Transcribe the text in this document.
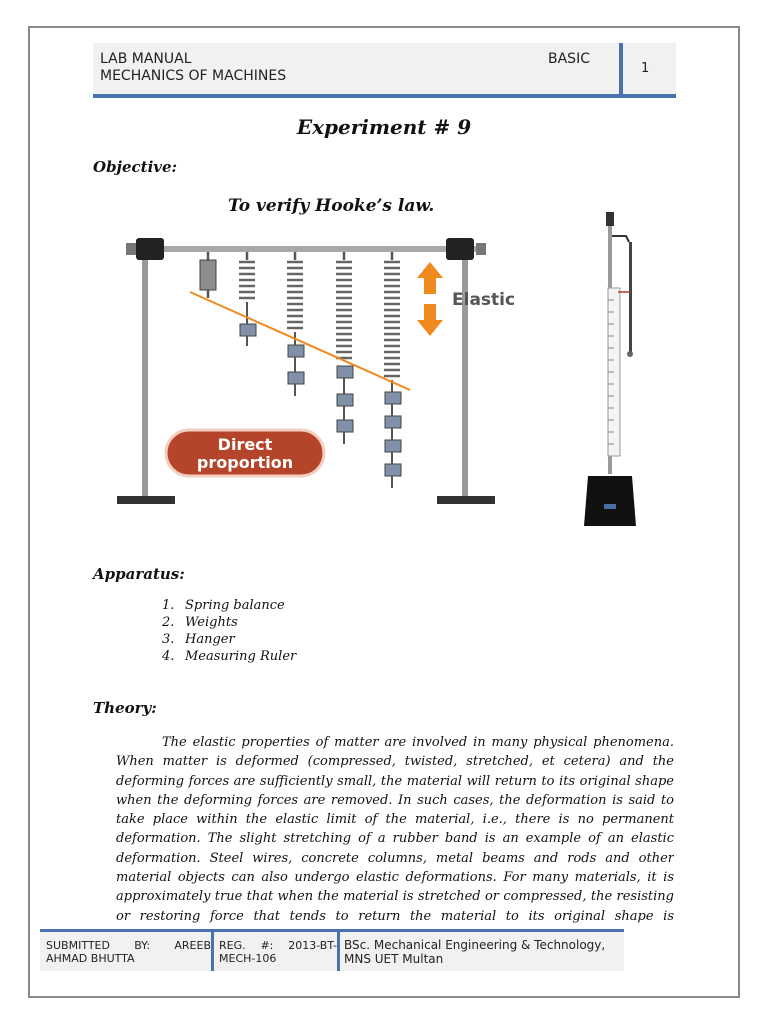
LAB MANUAL
MECHANICS OF MACHINES
BASIC
1
Experiment # 9
Objective:
To verify Hooke’s law.
Elastic
Direct
proportion
Apparatus:
1. Spring balance
2. Weights
3. Hanger
4. Measuring Ruler
Theory:

The elastic properties of matter are involved in many physical phenomena. When matter is deformed (compressed, twisted, stretched, et cetera) and the deforming forces are sufficiently small, the material will return to its original shape when the deforming forces are removed. In such cases, the deformation is said to take place within the elastic limit of the material, i.e., there is no permanent deformation. The slight stretching of a rubber band is an example of an elastic deformation. Steel wires, concrete columns, metal beams and rods and other material objects can also undergo elastic deformations. For many materials, it is approximately true that when the material is stretched or compressed, the resisting or restoring force that tends to return the material to its original shape is

SUBMITTED BY: AREEB AHMAD BHUTTA
REG. #: 2013-BT-MECH-106
BSc. Mechanical Engineering & Technology, MNS UET Multan
